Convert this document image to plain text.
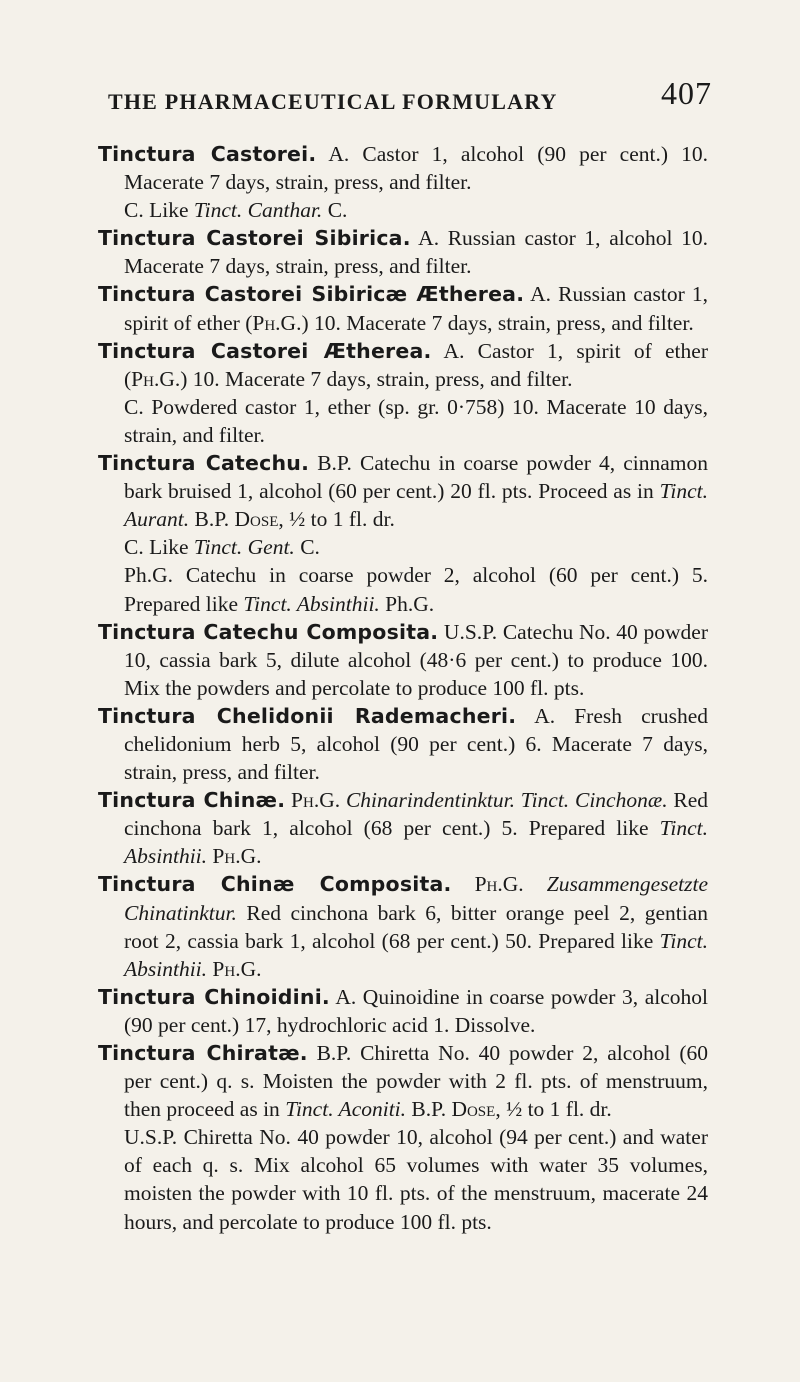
THE PHARMACEUTICAL FORMULARY	407

Tinctura Castorei. A. Castor 1, alcohol (90 per cent.) 10. Macerate 7 days, strain, press, and filter.

C. Like Tinct. Canthar. C.

Tinctura Castorei Sibirica. A. Russian castor 1, alcohol 10. Macerate 7 days, strain, press, and filter.

Tinctura Castorei Sibiricæ Ætherea. A. Russian castor 1, spirit of ether (Ph.G.) 10. Macerate 7 days, strain, press, and filter.

Tinctura Castorei Ætherea. A. Castor 1, spirit of ether (Ph.G.) 10. Macerate 7 days, strain, press, and filter.

C. Powdered castor 1, ether (sp. gr. 0·758) 10. Macerate 10 days, strain, and filter.

Tinctura Catechu. B.P. Catechu in coarse powder 4, cinnamon bark bruised 1, alcohol (60 per cent.) 20 fl. pts. Proceed as in Tinct. Aurant. B.P. Dose, ½ to 1 fl. dr.

C. Like Tinct. Gent. C.

Ph.G. Catechu in coarse powder 2, alcohol (60 per cent.) 5. Prepared like Tinct. Absinthii. Ph.G.

Tinctura Catechu Composita. U.S.P. Catechu No. 40 powder 10, cassia bark 5, dilute alcohol (48·6 per cent.) to produce 100. Mix the powders and percolate to produce 100 fl. pts.

Tinctura Chelidonii Rademacheri. A. Fresh crushed chelidonium herb 5, alcohol (90 per cent.) 6. Macerate 7 days, strain, press, and filter.

Tinctura Chinæ. Ph.G. Chinarindentinktur. Tinct. Cinchonæ. Red cinchona bark 1, alcohol (68 per cent.) 5. Prepared like Tinct. Absinthii. Ph.G.

Tinctura Chinæ Composita. Ph.G. Zusammengesetzte Chinatinktur. Red cinchona bark 6, bitter orange peel 2, gentian root 2, cassia bark 1, alcohol (68 per cent.) 50. Prepared like Tinct. Absinthii. Ph.G.

Tinctura Chinoidini. A. Quinoidine in coarse powder 3, alcohol (90 per cent.) 17, hydrochloric acid 1. Dissolve.

Tinctura Chiratæ. B.P. Chiretta No. 40 powder 2, alcohol (60 per cent.) q. s. Moisten the powder with 2 fl. pts. of menstruum, then proceed as in Tinct. Aconiti. B.P. Dose, ½ to 1 fl. dr.

U.S.P. Chiretta No. 40 powder 10, alcohol (94 per cent.) and water of each q. s. Mix alcohol 65 volumes with water 35 volumes, moisten the powder with 10 fl. pts. of the menstruum, macerate 24 hours, and percolate to produce 100 fl. pts.
